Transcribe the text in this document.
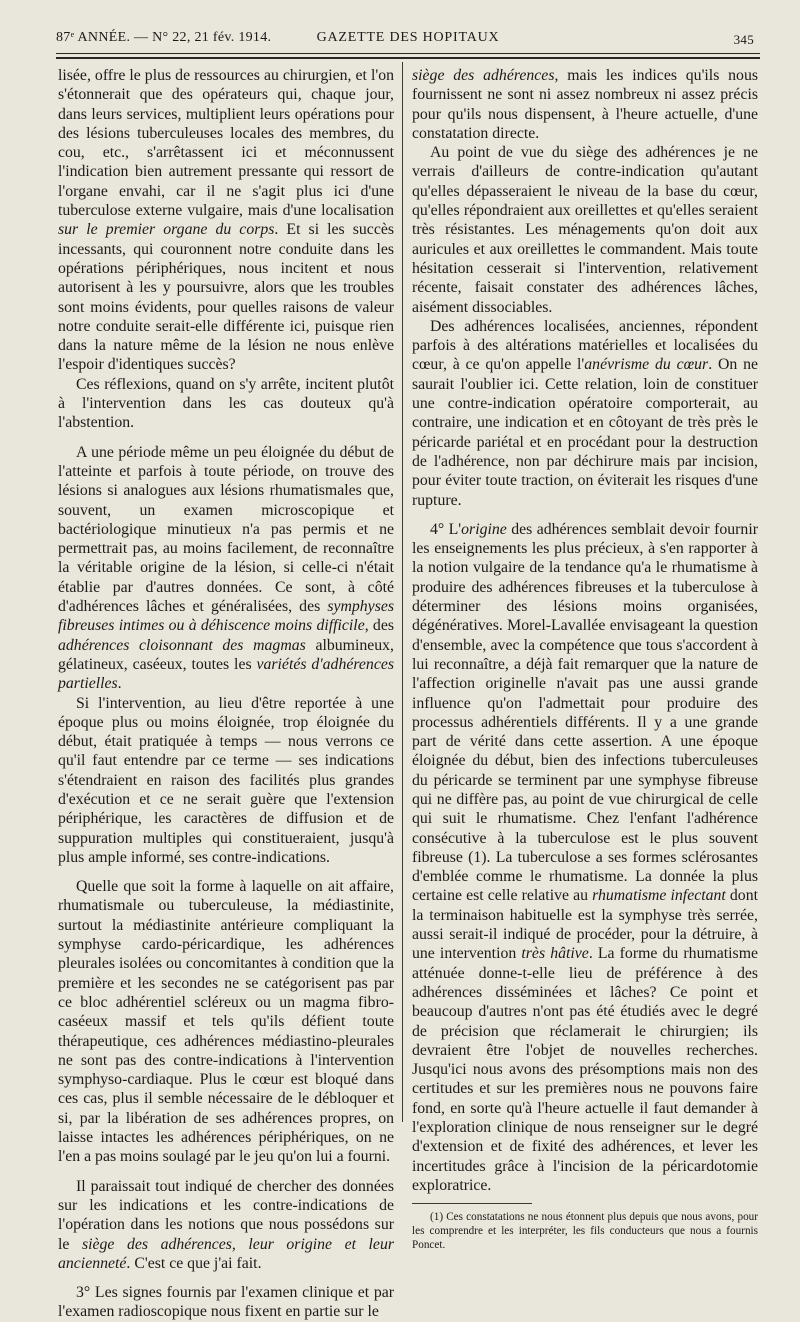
87ᵉ ANNÉE. — N° 22, 21 fév. 1914.	GAZETTE DES HOPITAUX	345

lisée, offre le plus de ressources au chirurgien, et l'on s'étonnerait que des opérateurs qui, chaque jour, dans leurs services, multiplient leurs opérations pour des lésions tuberculeuses locales des membres, du cou, etc., s'arrêtassent ici et méconnussent l'indication bien autrement pressante qui ressort de l'organe envahi, car il ne s'agit plus ici d'une tuberculose externe vulgaire, mais d'une localisation sur le premier organe du corps. Et si les succès incessants, qui couronnent notre conduite dans les opérations périphériques, nous incitent et nous autorisent à les y poursuivre, alors que les troubles sont moins évidents, pour quelles raisons de valeur notre conduite serait-elle différente ici, puisque rien dans la nature même de la lésion ne nous enlève l'espoir d'identiques succès?

Ces réflexions, quand on s'y arrête, incitent plutôt à l'intervention dans les cas douteux qu'à l'abstention.

A une période même un peu éloignée du début de l'atteinte et parfois à toute période, on trouve des lésions si analogues aux lésions rhumatismales que, souvent, un examen microscopique et bactériologique minutieux n'a pas permis et ne permettrait pas, au moins facilement, de reconnaître la véritable origine de la lésion, si celle-ci n'était établie par d'autres données. Ce sont, à côté d'adhérences lâches et généralisées, des symphyses fibreuses intimes ou à déhiscence moins difficile, des adhérences cloisonnant des magmas albumineux, gélatineux, caséeux, toutes les variétés d'adhérences partielles.

Si l'intervention, au lieu d'être reportée à une époque plus ou moins éloignée, trop éloignée du début, était pratiquée à temps — nous verrons ce qu'il faut entendre par ce terme — ses indications s'étendraient en raison des facilités plus grandes d'exécution et ce ne serait guère que l'extension périphérique, les caractères de diffusion et de suppuration multiples qui constitueraient, jusqu'à plus ample informé, ses contre-indications.

Quelle que soit la forme à laquelle on ait affaire, rhumatismale ou tuberculeuse, la médiastinite, surtout la médiastinite antérieure compliquant la symphyse cardo-péricardique, les adhérences pleurales isolées ou concomitantes à condition que la première et les secondes ne se catégorisent pas par ce bloc adhérentiel scléreux ou un magma fibro-caséeux massif et tels qu'ils défient toute thérapeutique, ces adhérences médiastino-pleurales ne sont pas des contre-indications à l'intervention symphyso-cardiaque. Plus le cœur est bloqué dans ces cas, plus il semble nécessaire de le débloquer et si, par la libération de ses adhérences propres, on laisse intactes les adhérences périphériques, on ne l'en a pas moins soulagé par le jeu qu'on lui a fourni.

Il paraissait tout indiqué de chercher des données sur les indications et les contre-indications de l'opération dans les notions que nous possédons sur le siège des adhérences, leur origine et leur ancienneté. C'est ce que j'ai fait.

3° Les signes fournis par l'examen clinique et par l'examen radioscopique nous fixent en partie sur le

siège des adhérences, mais les indices qu'ils nous fournissent ne sont ni assez nombreux ni assez précis pour qu'ils nous dispensent, à l'heure actuelle, d'une constatation directe.

Au point de vue du siège des adhérences je ne verrais d'ailleurs de contre-indication qu'autant qu'elles dépasseraient le niveau de la base du cœur, qu'elles répondraient aux oreillettes et qu'elles seraient très résistantes. Les ménagements qu'on doit aux auricules et aux oreillettes le commandent. Mais toute hésitation cesserait si l'intervention, relativement récente, faisait constater des adhérences lâches, aisément dissociables.

Des adhérences localisées, anciennes, répondent parfois à des altérations matérielles et localisées du cœur, à ce qu'on appelle l'anévrisme du cœur. On ne saurait l'oublier ici. Cette relation, loin de constituer une contre-indication opératoire comporterait, au contraire, une indication et en côtoyant de très près le péricarde pariétal et en procédant pour la destruction de l'adhérence, non par déchirure mais par incision, pour éviter toute traction, on éviterait les risques d'une rupture.

4° L'origine des adhérences semblait devoir fournir les enseignements les plus précieux, à s'en rapporter à la notion vulgaire de la tendance qu'a le rhumatisme à produire des adhérences fibreuses et la tuberculose à déterminer des lésions moins organisées, dégénératives. Morel-Lavallée envisageant la question d'ensemble, avec la compétence que tous s'accordent à lui reconnaître, a déjà fait remarquer que la nature de l'affection originelle n'avait pas une aussi grande influence qu'on l'admettait pour produire des processus adhérentiels différents. Il y a une grande part de vérité dans cette assertion. A une époque éloignée du début, bien des infections tuberculeuses du péricarde se terminent par une symphyse fibreuse qui ne diffère pas, au point de vue chirurgical de celle qui suit le rhumatisme. Chez l'enfant l'adhérence consécutive à la tuberculose est le plus souvent fibreuse (1). La tuberculose a ses formes sclérosantes d'emblée comme le rhumatisme. La donnée la plus certaine est celle relative au rhumatisme infectant dont la terminaison habituelle est la symphyse très serrée, aussi serait-il indiqué de procéder, pour la détruire, à une intervention très hâtive. La forme du rhumatisme atténuée donne-t-elle lieu de préférence à des adhérences disséminées et lâches? Ce point et beaucoup d'autres n'ont pas été étudiés avec le degré de précision que réclamerait le chirurgien; ils devraient être l'objet de nouvelles recherches. Jusqu'ici nous avons des présomptions mais non des certitudes et sur les premières nous ne pouvons faire fond, en sorte qu'à l'heure actuelle il faut demander à l'exploration clinique de nous renseigner sur le degré d'extension et de fixité des adhérences, et lever les incertitudes grâce à l'incision de la péricardotomie exploratrice.

(1) Ces constatations ne nous étonnent plus depuis que nous avons, pour les comprendre et les interpréter, les fils conducteurs que nous a fournis Poncet.
